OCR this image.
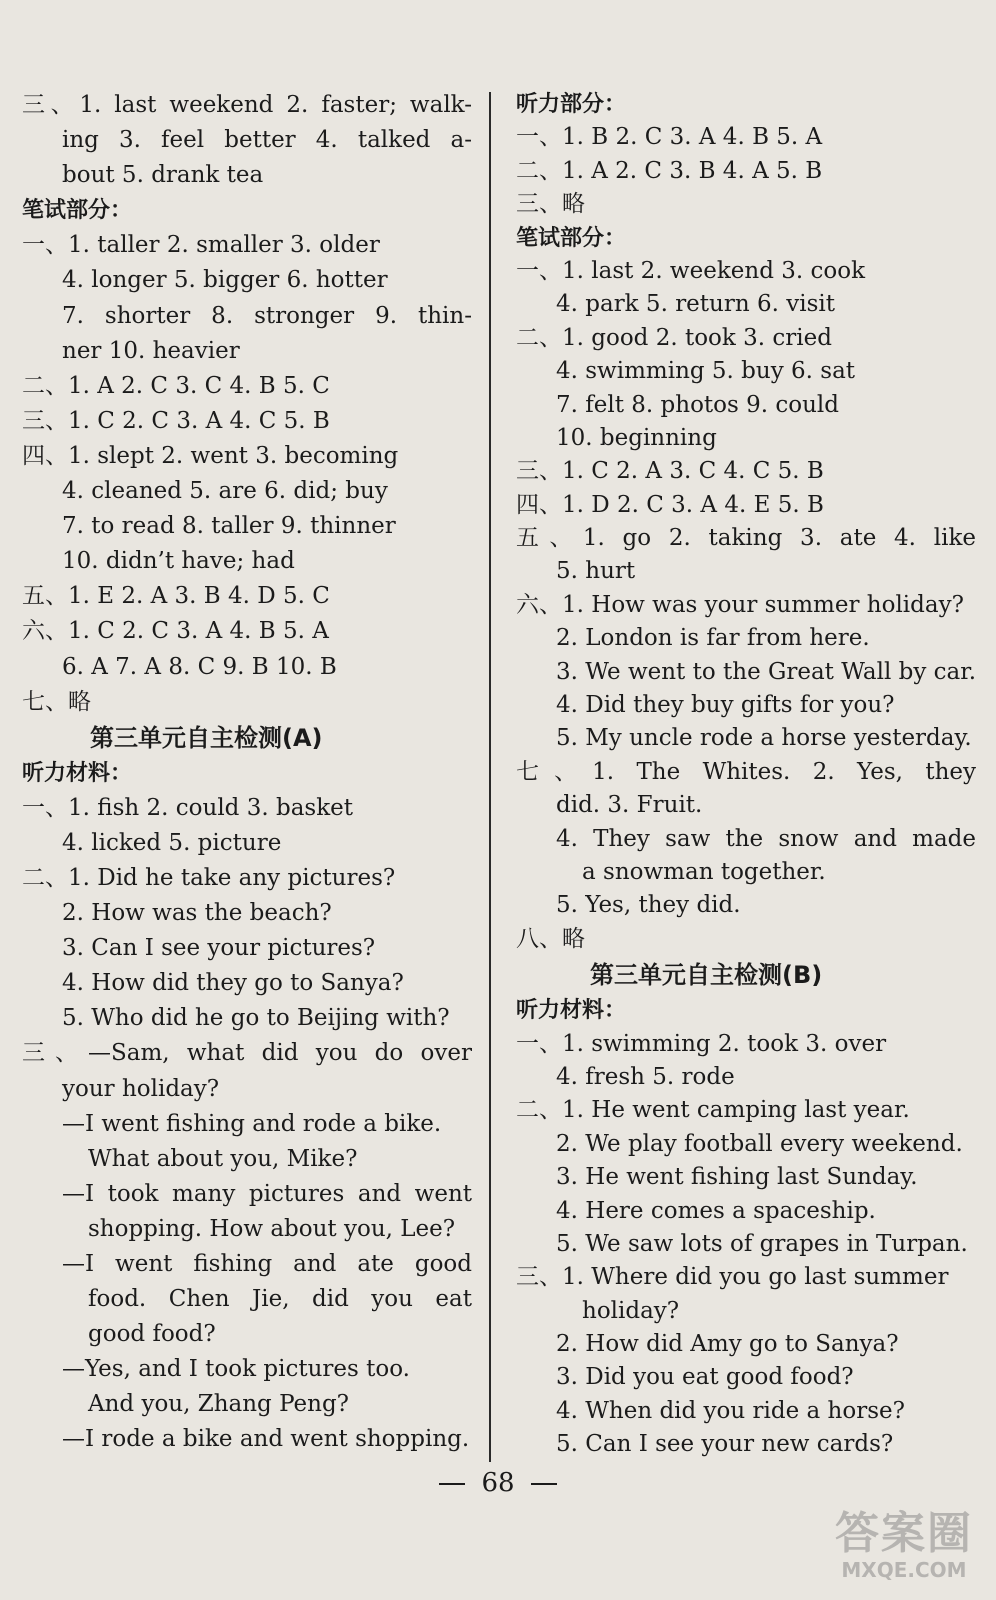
三、1. last weekend 2. faster; walk-
ing 3. feel better 4. talked a-
bout 5. drank tea
笔试部分：
一、1. taller 2. smaller 3. older
4. longer 5. bigger 6. hotter
7. shorter 8. stronger 9. thin-
ner 10. heavier
二、1. A 2. C 3. C 4. B 5. C
三、1. C 2. C 3. A 4. C 5. B
四、1. slept 2. went 3. becoming
4. cleaned 5. are 6. did; buy
7. to read 8. taller 9. thinner
10. didn’t have; had
五、1. E 2. A 3. B 4. D 5. C
六、1. C 2. C 3. A 4. B 5. A
6. A 7. A 8. C 9. B 10. B
七、略
第三单元自主检测(A)
听力材料：
一、1. fish 2. could 3. basket
4. licked 5. picture
二、1. Did he take any pictures?
2. How was the beach?
3. Can I see your pictures?
4. How did they go to Sanya?
5. Who did he go to Beijing with?
三、—Sam, what did you do over
your holiday?
—I went fishing and rode a bike.
What about you, Mike?
—I took many pictures and went
shopping. How about you, Lee?
—I went fishing and ate good
food. Chen Jie, did you eat
good food?
—Yes, and I took pictures too.
And you, Zhang Peng?
—I rode a bike and went shopping.
听力部分：
一、1. B 2. C 3. A 4. B 5. A
二、1. A 2. C 3. B 4. A 5. B
三、略
笔试部分：
一、1. last 2. weekend 3. cook
4. park 5. return 6. visit
二、1. good 2. took 3. cried
4. swimming 5. buy 6. sat
7. felt 8. photos 9. could
10. beginning
三、1. C 2. A 3. C 4. C 5. B
四、1. D 2. C 3. A 4. E 5. B
五、1. go 2. taking 3. ate 4. like
5. hurt
六、1. How was your summer holiday?
2. London is far from here.
3. We went to the Great Wall by car.
4. Did they buy gifts for you?
5. My uncle rode a horse yesterday.
七、1. The Whites. 2. Yes, they
did. 3. Fruit.
4. They saw the snow and made
a snowman together.
5. Yes, they did.
八、略
第三单元自主检测(B)
听力材料：
一、1. swimming 2. took 3. over
4. fresh 5. rode
二、1. He went camping last year.
2. We play football every weekend.
3. He went fishing last Sunday.
4. Here comes a spaceship.
5. We saw lots of grapes in Turpan.
三、1. Where did you go last summer
holiday?
2. How did Amy go to Sanya?
3. Did you eat good food?
4. When did you ride a horse?
5. Can I see your new cards?
68
答案圈
MXQE.COM
